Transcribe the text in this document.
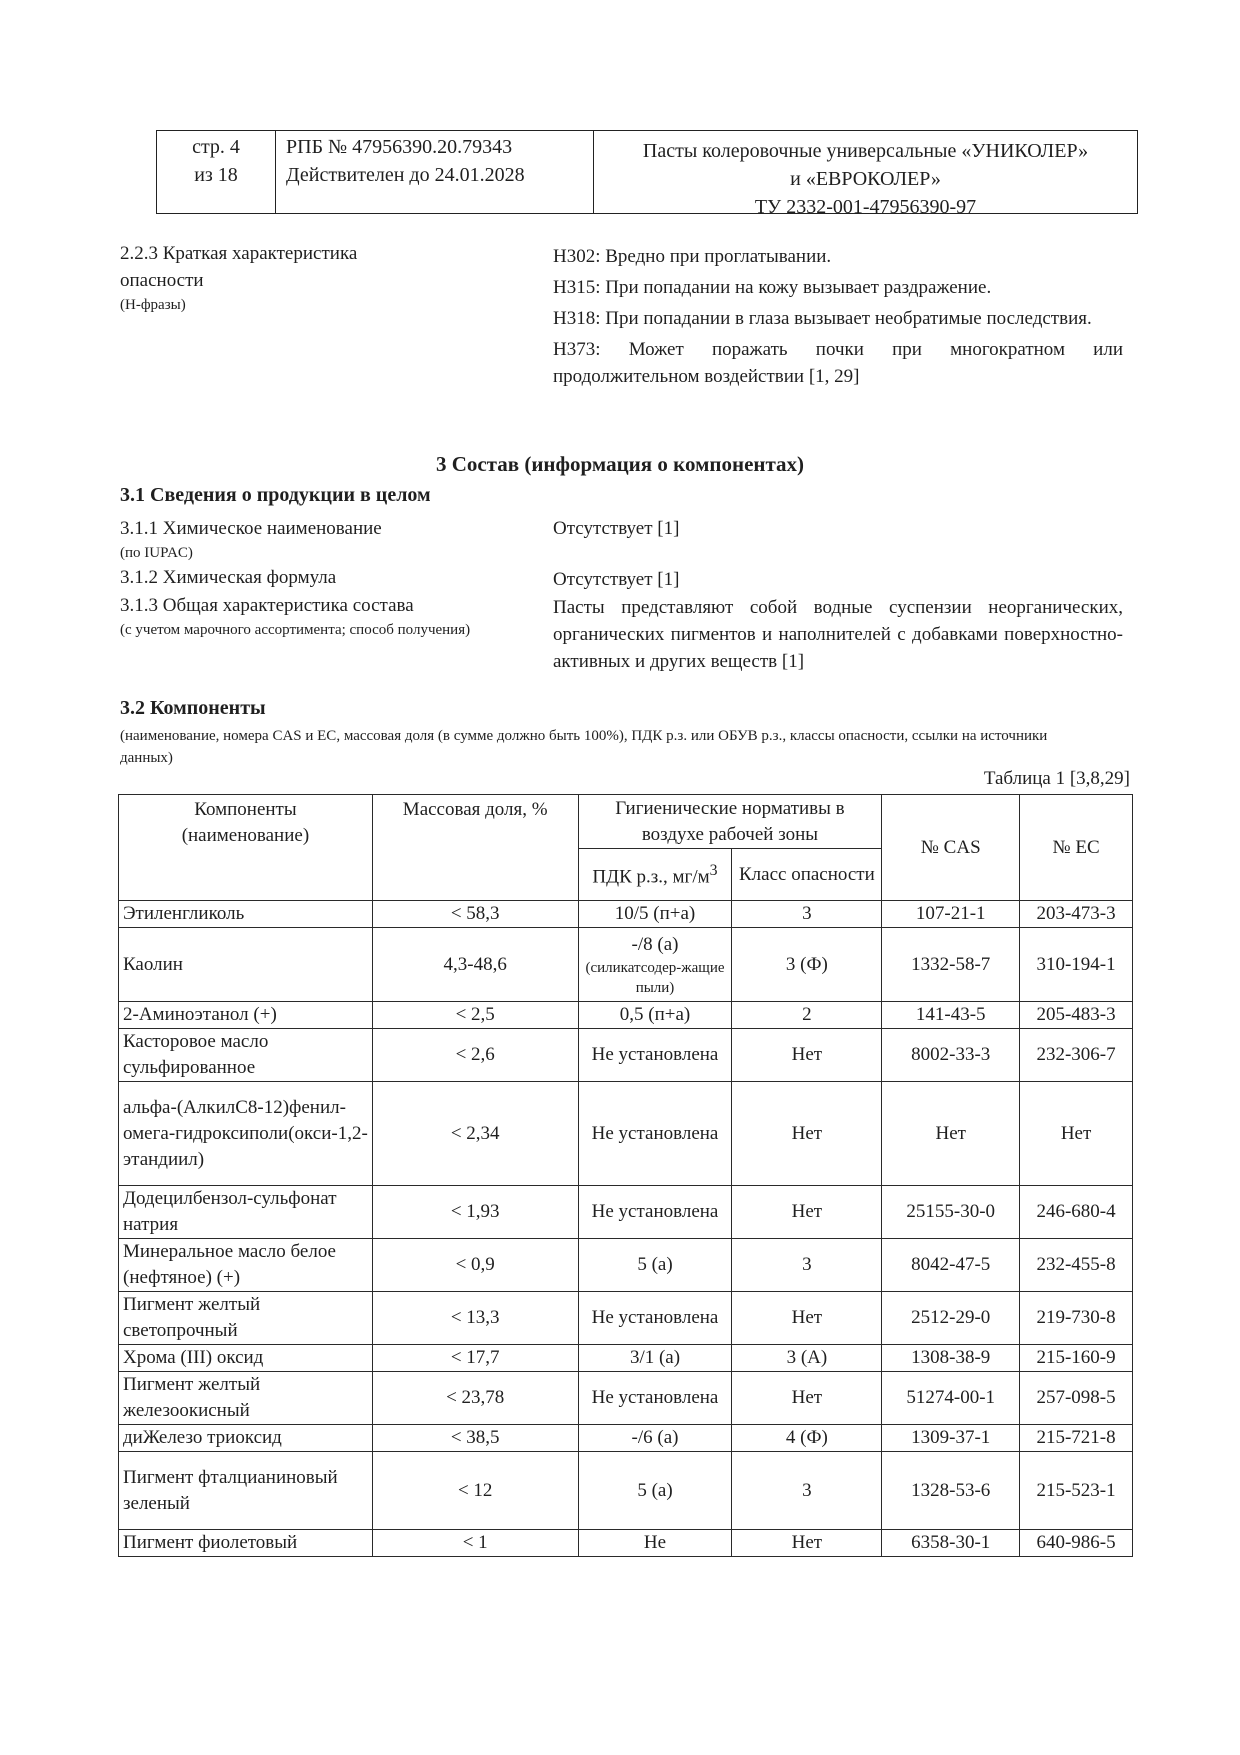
стр. 4
из 18
РПБ № 47956390.20.79343
Действителен до 24.01.2028
Пасты колеровочные универсальные «УНИКОЛЕР»
и «ЕВРОКОЛЕР»
ТУ 2332-001-47956390-97
2.2.3 Краткая характеристика
опасности
(Н-фразы)
Н302: Вредно при проглатывании.
Н315: При попадании на кожу вызывает раздражение.
Н318: При попадании в глаза вызывает необратимые последствия.
Н373: Может поражать почки при многократном или продолжительном воздействии [1, 29]
3 Состав (информация о компонентах)
3.1 Сведения о продукции в целом
3.1.1 Химическое наименование
(по IUPAC)
Отсутствует [1]
3.1.2 Химическая формула	Отсутствует [1]
3.1.3 Общая характеристика состава
(с учетом марочного ассортимента; способ получения)
Пасты представляют собой водные суспензии неорганических, органических пигментов и наполнителей с добавками поверхностно-активных и других веществ [1]
3.2 Компоненты
(наименование, номера CAS и ЕС, массовая доля (в сумме должно быть 100%), ПДК р.з. или ОБУВ р.з., классы опасности, ссылки на источники данных)
Таблица 1 [3,8,29]
Компоненты
(наименование)	Массовая доля, %	Гигиенические нормативы в воздухе рабочей зоны		№ CAS	№ ЕС
		ПДК р.з., $мг/м^3$	Класс опасности		
Этиленгликоль	< 58,3	10/5 (п+а)	3	107-21-1	203-473-3
Каолин	4,3-48,6	-/8 (а)
(силикатсодер-жащие пыли)	3 (Ф)	1332-58-7	310-194-1
2-Аминоэтанол (+)	< 2,5	0,5 (п+а)	2	141-43-5	205-483-3
Касторовое масло сульфированное	< 2,6	Не установлена	Нет	8002-33-3	232-306-7
альфа-(АлкилС8-12)фенил-омега-гидроксиполи(окси-1,2-этандиил)	< 2,34	Не установлена	Нет	Нет	Нет
Додецилбензол-сульфонат натрия	< 1,93	Не установлена	Нет	25155-30-0	246-680-4
Минеральное масло белое (нефтяное) (+)	< 0,9	5 (а)	3	8042-47-5	232-455-8
Пигмент желтый светопрочный	< 13,3	Не установлена	Нет	2512-29-0	219-730-8
Хрома (III) оксид	< 17,7	3/1 (а)	3 (А)	1308-38-9	215-160-9
Пигмент желтый железоокисный	< 23,78	Не установлена	Нет	51274-00-1	257-098-5
диЖелезо триоксид	< 38,5	-/6 (а)	4 (Ф)	1309-37-1	215-721-8
Пигмент фталцианиновый зеленый	< 12	5 (а)	3	1328-53-6	215-523-1
Пигмент фиолетовый	< 1	Не	Нет	6358-30-1	640-986-5
